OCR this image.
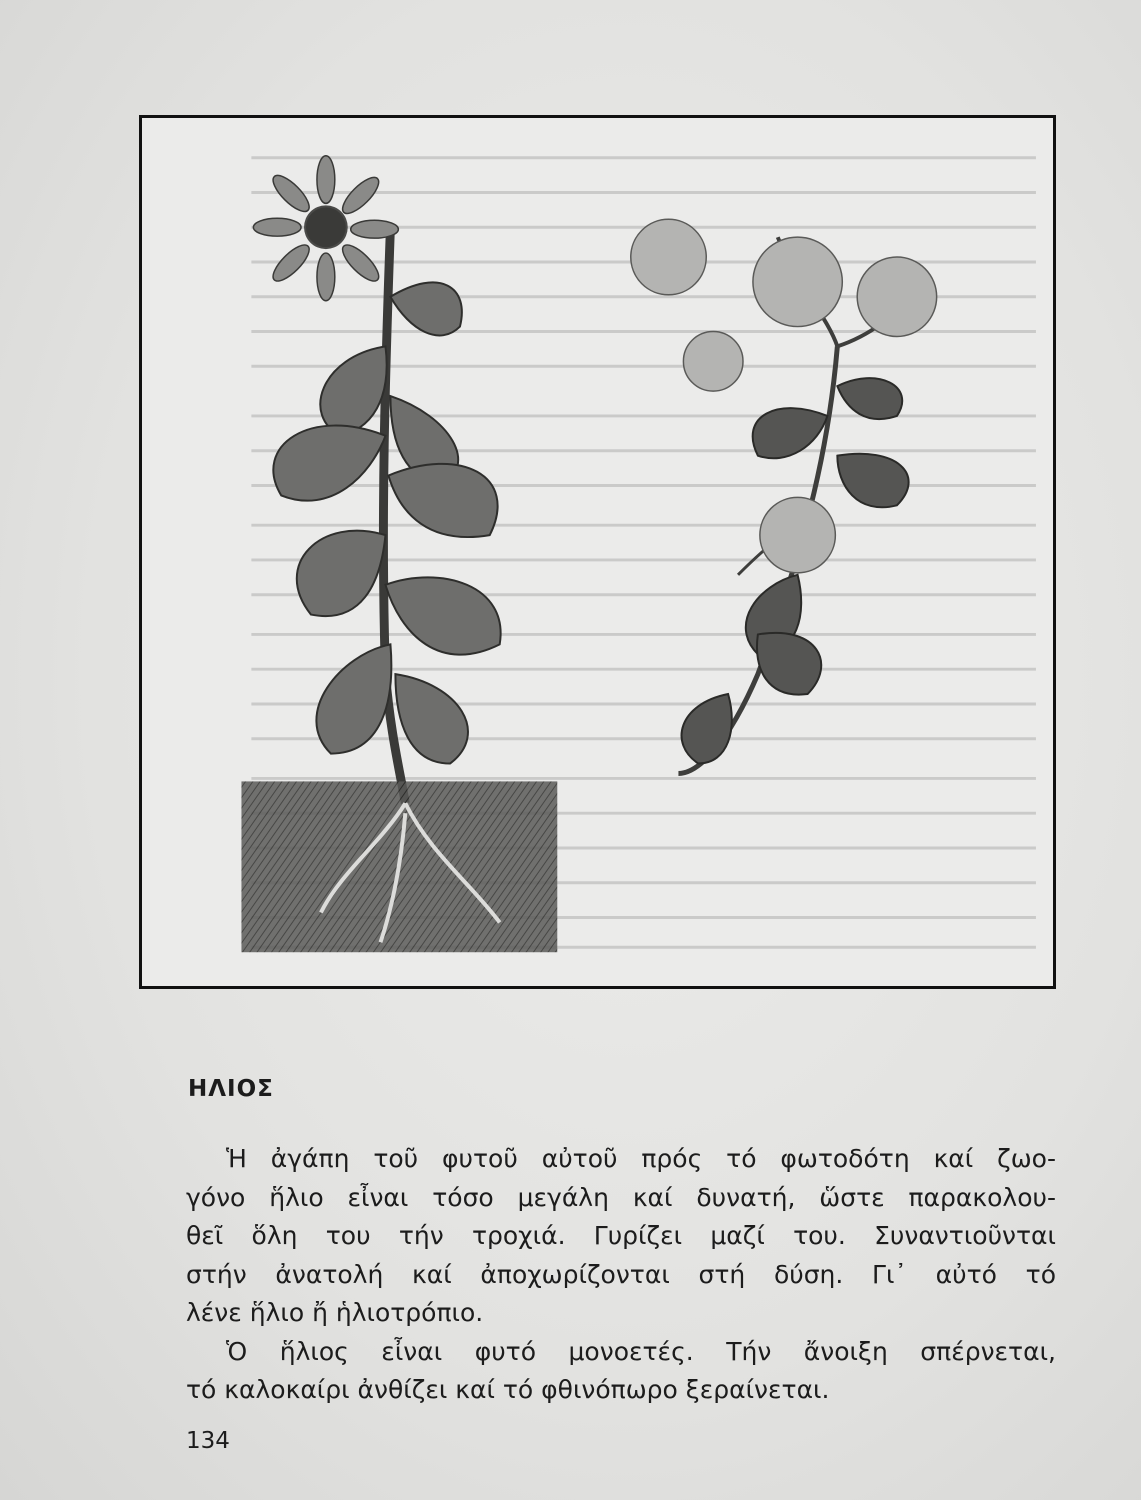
ΗΛΙΟΣ

Ἡ ἀγάπη τοῦ φυτοῦ αὐτοῦ πρός τό φωτοδότη καί ζωο-
γόνο ἥλιο εἶναι τόσο μεγάλη καί δυνατή, ὥστε παρακολου-
θεῖ ὅλη του τήν τροχιά. Γυρίζει μαζί του. Συναντιοῦνται
στήν ἀνατολή καί ἀποχωρίζονται στή δύση. Γι᾽ αὐτό τό
λένε ἥλιο ἤ ἡλιοτρόπιο.
Ὁ ἥλιος εἶναι φυτό μονοετές. Τήν ἄνοιξη σπέρνεται,
τό καλοκαίρι ἀνθίζει καί τό φθινόπωρο ξεραίνεται.

134
